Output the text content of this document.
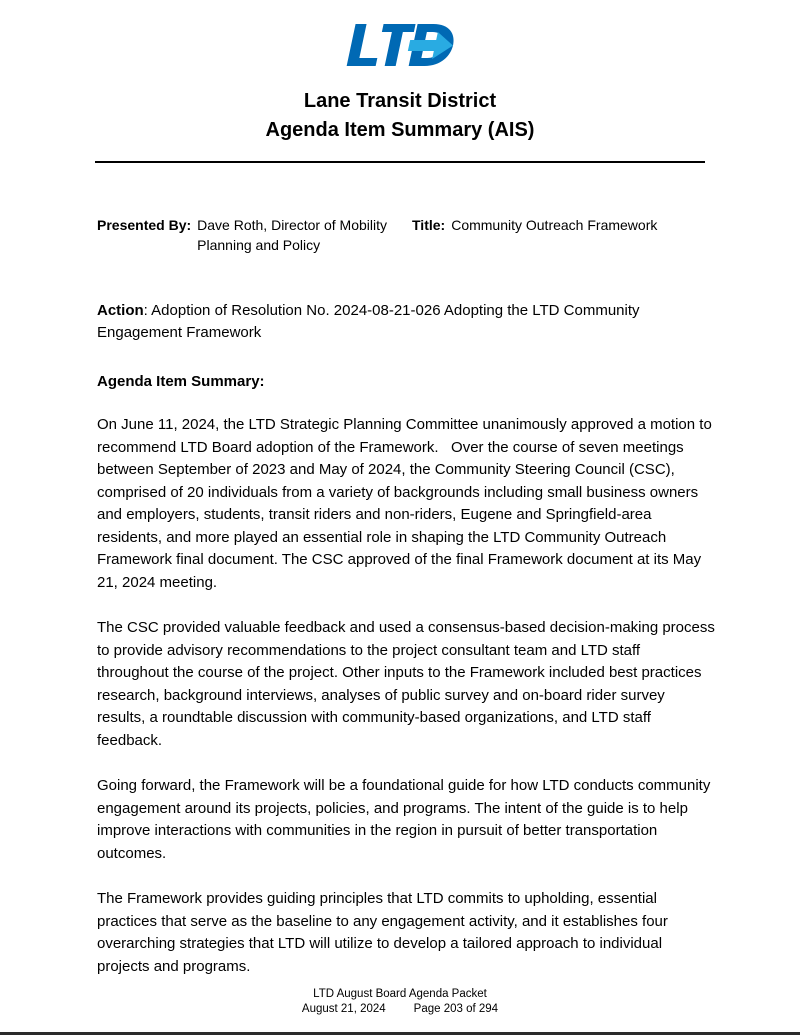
Lane Transit District
Agenda Item Summary (AIS)
Presented By: Dave Roth, Director of Mobility Planning and Policy
Title: Community Outreach Framework
Action: Adoption of Resolution No. 2024-08-21-026 Adopting the LTD Community Engagement Framework
Agenda Item Summary:

On June 11, 2024, the LTD Strategic Planning Committee unanimously approved a motion to recommend LTD Board adoption of the Framework.   Over the course of seven meetings between September of 2023 and May of 2024, the Community Steering Council (CSC), comprised of 20 individuals from a variety of backgrounds including small business owners and employers, students, transit riders and non-riders, Eugene and Springfield-area residents, and more played an essential role in shaping the LTD Community Outreach Framework final document. The CSC approved of the final Framework document at its May 21, 2024 meeting.

The CSC provided valuable feedback and used a consensus-based decision-making process to provide advisory recommendations to the project consultant team and LTD staff throughout the course of the project. Other inputs to the Framework included best practices research, background interviews, analyses of public survey and on-board rider survey results, a roundtable discussion with community-based organizations, and LTD staff feedback.

Going forward, the Framework will be a foundational guide for how LTD conducts community engagement around its projects, policies, and programs. The intent of the guide is to help improve interactions with communities in the region in pursuit of better transportation outcomes.

The Framework provides guiding principles that LTD commits to upholding, essential practices that serve as the baseline to any engagement activity, and it establishes four overarching strategies that LTD will utilize to develop a tailored approach to individual projects and programs.

LTD August Board Agenda Packet
August 21, 2024 Page 203 of 294
